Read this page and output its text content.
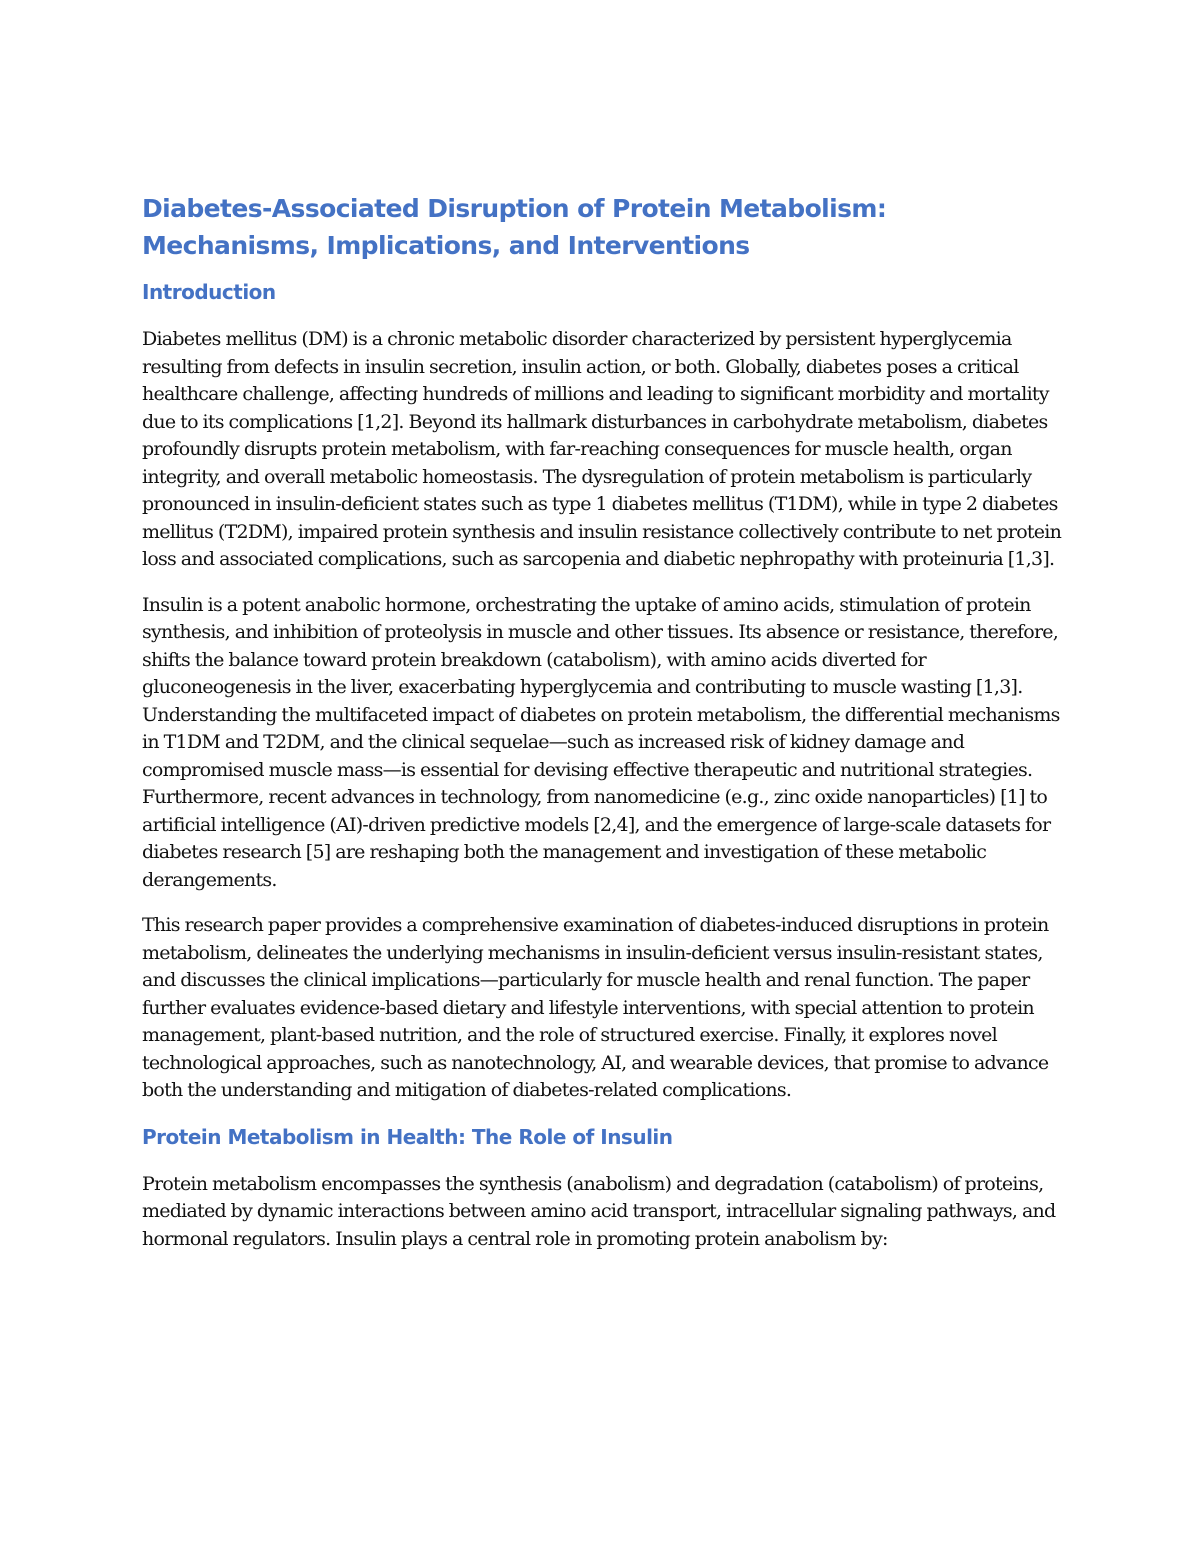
Diabetes-Associated Disruption of Protein Metabolism: Mechanisms, Implications, and Interventions
Introduction

Diabetes mellitus (DM) is a chronic metabolic disorder characterized by persistent hyperglycemia resulting from defects in insulin secretion, insulin action, or both. Globally, diabetes poses a critical healthcare challenge, affecting hundreds of millions and leading to significant morbidity and mortality due to its complications [1,2]. Beyond its hallmark disturbances in carbohydrate metabolism, diabetes profoundly disrupts protein metabolism, with far-reaching consequences for muscle health, organ integrity, and overall metabolic homeostasis. The dysregulation of protein metabolism is particularly pronounced in insulin-deficient states such as type 1 diabetes mellitus (T1DM), while in type 2 diabetes mellitus (T2DM), impaired protein synthesis and insulin resistance collectively contribute to net protein loss and associated complications, such as sarcopenia and diabetic nephropathy with proteinuria [1,3].

Insulin is a potent anabolic hormone, orchestrating the uptake of amino acids, stimulation of protein synthesis, and inhibition of proteolysis in muscle and other tissues. Its absence or resistance, therefore, shifts the balance toward protein breakdown (catabolism), with amino acids diverted for gluconeogenesis in the liver, exacerbating hyperglycemia and contributing to muscle wasting [1,3]. Understanding the multifaceted impact of diabetes on protein metabolism, the differential mechanisms in T1DM and T2DM, and the clinical sequelae—such as increased risk of kidney damage and compromised muscle mass—is essential for devising effective therapeutic and nutritional strategies. Furthermore, recent advances in technology, from nanomedicine (e.g., zinc oxide nanoparticles) [1] to artificial intelligence (AI)-driven predictive models [2,4], and the emergence of large-scale datasets for diabetes research [5] are reshaping both the management and investigation of these metabolic derangements.

This research paper provides a comprehensive examination of diabetes-induced disruptions in protein metabolism, delineates the underlying mechanisms in insulin-deficient versus insulin-resistant states, and discusses the clinical implications—particularly for muscle health and renal function. The paper further evaluates evidence-based dietary and lifestyle interventions, with special attention to protein management, plant-based nutrition, and the role of structured exercise. Finally, it explores novel technological approaches, such as nanotechnology, AI, and wearable devices, that promise to advance both the understanding and mitigation of diabetes-related complications.

Protein Metabolism in Health: The Role of Insulin

Protein metabolism encompasses the synthesis (anabolism) and degradation (catabolism) of proteins, mediated by dynamic interactions between amino acid transport, intracellular signaling pathways, and hormonal regulators. Insulin plays a central role in promoting protein anabolism by:
